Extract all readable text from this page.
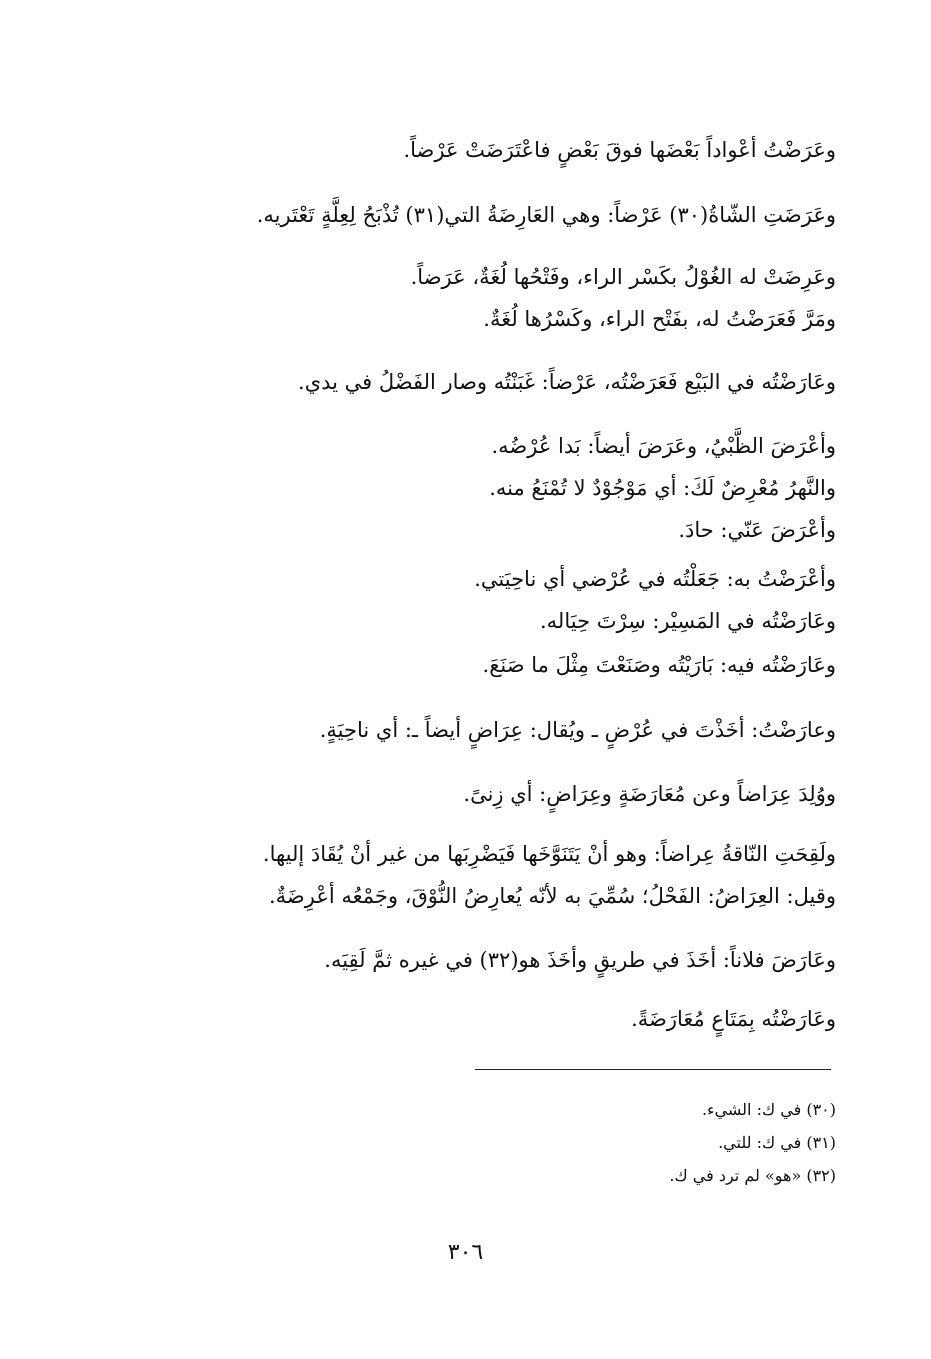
وعَرَضْتُ أعْواداً بَعْضَها فوقَ بَعْضٍ فاعْتَرَضَتْ عَرْضاً.

وعَرَضَتِ الشّاةُ(٣٠) عَرْضاً: وهي العَارِضَةُ التي(٣١) تُذْبَحُ لِعِلَّةٍ تَعْتَريه.

وعَرِضَتْ له الغُوْلُ بكَسْر الراء، وفَتْحُها لُغَةٌ، عَرَضاً.

ومَرَّ فَعَرَضْتُ له، بفَتْح الراء، وكَسْرُها لُغَةٌ.

وعَارَضْتُه في البَيْع فَعَرَضْتُه، عَرْضاً: غَبَنْتُه وصار الفَضْلُ في يدي.

وأعْرَضَ الظَّبْيُ، وعَرَضَ أيضاً: بَدا عُرْضُه.

والنَّهرُ مُعْرِضٌ لَكَ: أي مَوْجُوْدٌ لا تُمْنَعُ منه.

وأعْرَضَ عَنّي: حادَ.

وأعْرَضْتُ به: جَعَلْتُه في عُرْضي أي ناحِيَتي.

وعَارَضْتُه في المَسِيْر: سِرْتَ حِيَاله.

وعَارَضْتُه فيه: بَارَيْتُه وصَنَعْتَ مِثْلَ ما صَنَعَ.

وعارَضْتُ: أخَذْتَ في عُرْضٍ ـ ويُقال: عِرَاضٍ أيضاً ـ: أي ناحِيَةٍ.

ووُلِدَ عِرَاضاً وعن مُعَارَضَةٍ وعِرَاضٍ: أي زِنىً.

ولَقِحَتِ النّاقةُ عِراضاً: وهو أنْ يَتَنَوَّخَها فَيَضْرِبَها من غير أنْ يُقَادَ إليها.

وقيل: العِرَاضُ: الفَحْلُ؛ سُمِّيَ به لأنّه يُعارِضُ النُّوْقَ، وجَمْعُه أعْرِضَةٌ.

وعَارَضَ فلاناً: أخَذَ في طريقٍ وأخَذَ هو(٣٢) في غيره ثمَّ لَقِيَه.

وعَارَضْتُه بِمَتَاعٍ مُعَارَضَةً.

(٣٠) في ك: الشيء.
(٣١) في ك: للتي.
(٣٢) «هو» لم ترد في ك.
٣٠٦
